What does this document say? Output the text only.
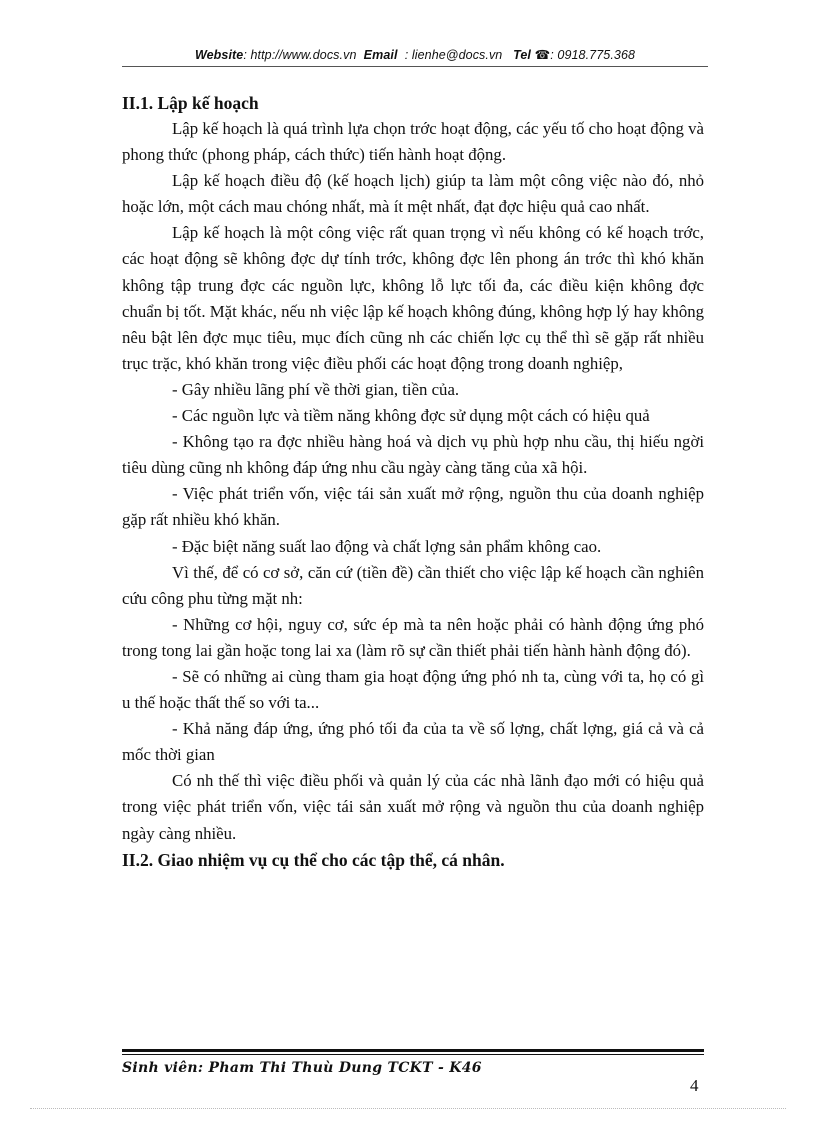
Website: http://www.docs.vn Email : lienhe@docs.vn Tel ☎: 0918.775.368

II.1. Lập kế hoạch

Lập kế hoạch là quá trình lựa chọn trớc hoạt động, các yếu tố cho hoạt động và phong thức (phong pháp, cách thức) tiến hành hoạt động.

Lập kế hoạch điều độ (kế hoạch lịch) giúp ta làm một công việc nào đó, nhỏ hoặc lớn, một cách mau chóng nhất, mà ít mệt nhất, đạt đợc hiệu quả cao nhất.

Lập kế hoạch là một công việc rất quan trọng vì nếu không có kế hoạch trớc, các hoạt động sẽ không đợc dự tính trớc, không đợc lên phong án trớc thì khó khăn không tập trung đợc các nguồn lực, không lỗ lực tối đa, các điều kiện không đợc chuẩn bị tốt. Mặt khác, nếu nh việc lập kế hoạch không đúng, không hợp lý hay không nêu bật lên đợc mục tiêu, mục đích cũng nh các chiến lợc cụ thể thì sẽ gặp rất nhiều trục trặc, khó khăn trong việc điều phối các hoạt động trong doanh nghiệp,

- Gây nhiều lãng phí về thời gian, tiền của.

- Các nguồn lực và tiềm năng không đợc sử dụng một cách có hiệu quả

- Không tạo ra đợc nhiều hàng hoá và dịch vụ phù hợp nhu cầu, thị hiếu ngời tiêu dùng cũng nh không đáp ứng nhu cầu ngày càng tăng của xã hội.

- Việc phát triển vốn, việc tái sản xuất mở rộng, nguồn thu của doanh nghiệp gặp rất nhiều khó khăn.

- Đặc biệt năng suất lao động và chất lợng sản phẩm không cao.

Vì thế, để có cơ sở, căn cứ (tiền đề) cần thiết cho việc lập kế hoạch cần nghiên cứu công phu từng mặt nh:

- Những cơ hội, nguy cơ, sức ép mà ta nên hoặc phải có hành động ứng phó trong tong lai gần hoặc tong lai xa (làm rõ sự cần thiết phải tiến hành hành động đó).

- Sẽ có những ai cùng tham gia hoạt động ứng phó nh ta, cùng với ta, họ có gì u thế hoặc thất thế so với ta...

- Khả năng đáp ứng, ứng phó tối đa của ta về số lợng, chất lợng, giá cả và cả mốc thời gian

Có nh thế thì việc điều phối và quản lý của các nhà lãnh đạo mới có hiệu quả trong việc phát triển vốn, việc tái sản xuất mở rộng và nguồn thu của doanh nghiệp ngày càng nhiều.

II.2. Giao nhiệm vụ cụ thể cho các tập thể, cá nhân.

Sinh viên: Pham Thi Thuù Dung TCKT - K46
4
